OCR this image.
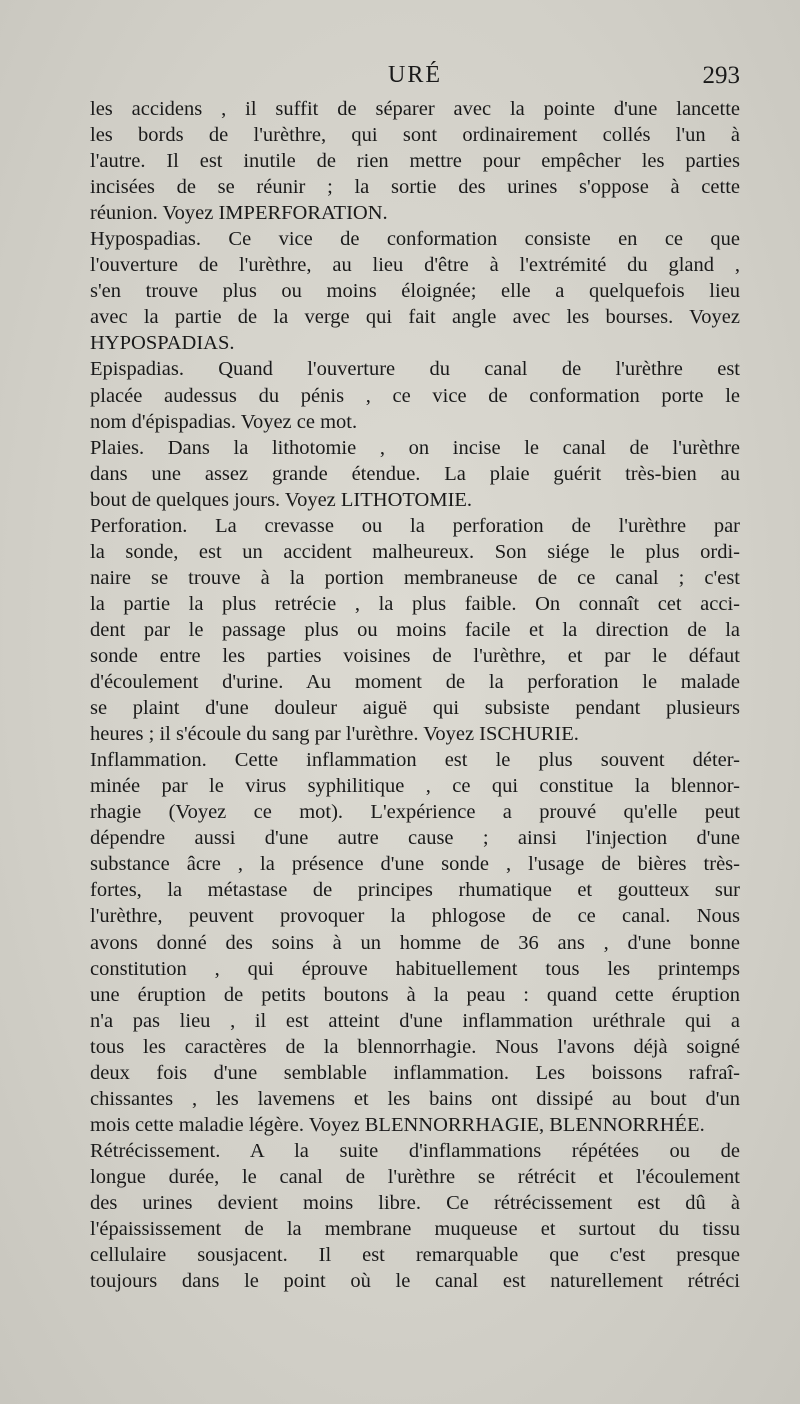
URÉ	293
les accidens , il suffit de séparer avec la pointe d'une lancette
les bords de l'urèthre, qui sont ordinairement collés l'un à
l'autre. Il est inutile de rien mettre pour empêcher les parties
incisées de se réunir ; la sortie des urines s'oppose à cette
réunion. Voyez IMPERFORATION.
Hypospadias. Ce vice de conformation consiste en ce que
l'ouverture de l'urèthre, au lieu d'être à l'extrémité du gland ,
s'en trouve plus ou moins éloignée; elle a quelquefois lieu
avec la partie de la verge qui fait angle avec les bourses. Voyez
HYPOSPADIAS.
Epispadias. Quand l'ouverture du canal de l'urèthre est
placée audessus du pénis , ce vice de conformation porte le
nom d'épispadias. Voyez ce mot.
Plaies. Dans la lithotomie , on incise le canal de l'urèthre
dans une assez grande étendue. La plaie guérit très-bien au
bout de quelques jours. Voyez LITHOTOMIE.
Perforation. La crevasse ou la perforation de l'urèthre par
la sonde, est un accident malheureux. Son siége le plus ordi-
naire se trouve à la portion membraneuse de ce canal ; c'est
la partie la plus retrécie , la plus faible. On connaît cet acci-
dent par le passage plus ou moins facile et la direction de la
sonde entre les parties voisines de l'urèthre, et par le défaut
d'écoulement d'urine. Au moment de la perforation le malade
se plaint d'une douleur aiguë qui subsiste pendant plusieurs
heures ; il s'écoule du sang par l'urèthre. Voyez ISCHURIE.
Inflammation. Cette inflammation est le plus souvent déter-
minée par le virus syphilitique , ce qui constitue la blennor-
rhagie (Voyez ce mot). L'expérience a prouvé qu'elle peut
dépendre aussi d'une autre cause ; ainsi l'injection d'une
substance âcre , la présence d'une sonde , l'usage de bières très-
fortes, la métastase de principes rhumatique et goutteux sur
l'urèthre, peuvent provoquer la phlogose de ce canal. Nous
avons donné des soins à un homme de 36 ans , d'une bonne
constitution , qui éprouve habituellement tous les printemps
une éruption de petits boutons à la peau : quand cette éruption
n'a pas lieu , il est atteint d'une inflammation uréthrale qui a
tous les caractères de la blennorrhagie. Nous l'avons déjà soigné
deux fois d'une semblable inflammation. Les boissons rafraî-
chissantes , les lavemens et les bains ont dissipé au bout d'un
mois cette maladie légère. Voyez BLENNORRHAGIE, BLENNORRHÉE.
Rétrécissement. A la suite d'inflammations répétées ou de
longue durée, le canal de l'urèthre se rétrécit et l'écoulement
des urines devient moins libre. Ce rétrécissement est dû à
l'épaississement de la membrane muqueuse et surtout du tissu
cellulaire sousjacent. Il est remarquable que c'est presque
toujours dans le point où le canal est naturellement rétréci
